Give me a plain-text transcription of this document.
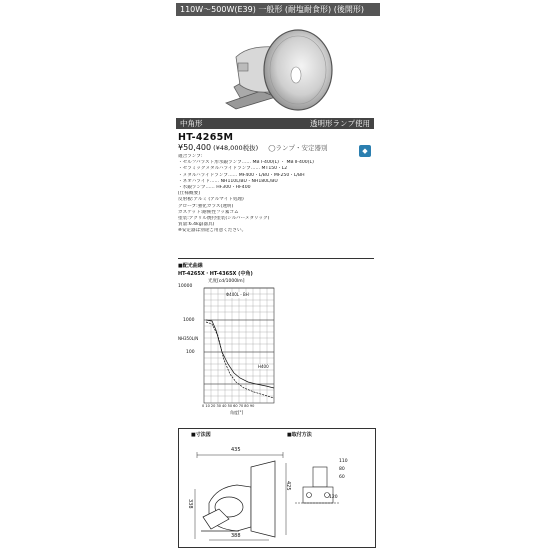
110W〜500W(E39) 一般形 (耐塩耐食形) (後開形)
中角形	透明形ランプ使用
HT-4265M
¥50,400 (¥48,000税抜) ◯ランプ・安定器別	◆
適合ランプ:
・セルフバラスト形水銀ランプ…… MB Ⅰ-400(L) ・ MB Ⅱ-400(L)
・セラミックメタルハライドランプ…… MT150・L2
・メタルハライドランプ…… MF400・L/BU・MF250・L/BH
・ネオハライド…… NH110L/BU・NH180L/BU
・水銀ランプ…… HF300・HF400
[仕様概要]
反射板:アルミ (アルマイト処理)
グローブ:強化ガラス(透明)
ガスケット:耐候性フッ素ゴム
塗装:アクリル焼付塗装(シルバーメタリック)
質量:6.4kg(器具)
※安定器は別途ご用意ください。
■配光曲線
HT-4265X・HT-4365X (中角)
光度[cd/1000lm]
10000
1000
100
NH350L/N
Φ400L・BH
H400
0 10 20 30 40 50 60 70 80 90
角度[°]
■寸法図	■取付方法
435
425
388
338
110
80
60
120
